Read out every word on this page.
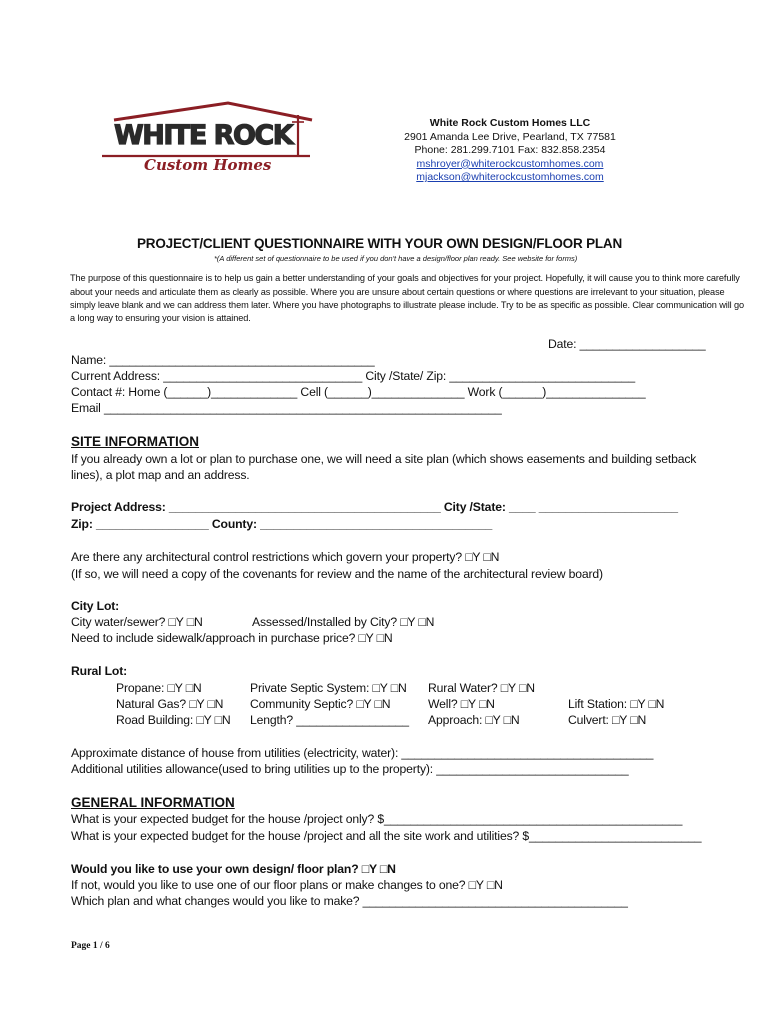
WHITE ROCK
Custom Homes
White Rock Custom Homes LLC
2901 Amanda Lee Drive, Pearland, TX 77581
Phone: 281.299.7101 Fax: 832.858.2354
mshroyer@whiterockcustomhomes.com
mjackson@whiterockcustomhomes.com
PROJECT/CLIENT QUESTIONNAIRE WITH YOUR OWN DESIGN/FLOOR PLAN
*(A different set of questionnaire to be used if you don't have a design/floor plan ready. See website for forms)
The purpose of this questionnaire is to help us gain a better understanding of your goals and objectives for your project. Hopefully, it will cause you to think more carefully
about your needs and articulate them as clearly as possible. Where you are unsure about certain questions or where questions are irrelevant to your situation, please
simply leave blank and we can address them later. Where you have photographs to illustrate please include. Try to be as specific as possible. Clear communication will go
a long way to ensuring your vision is attained.
Date: ___________________
Name: ________________________________________
Current Address: ______________________________ City /State/ Zip: ____________________________
Contact #: Home (______)_____________ Cell (______)______________ Work (______)_______________
Email ____________________________________________________________
SITE INFORMATION
If you already own a lot or plan to purchase one, we will need a site plan (which shows easements and building setback
lines), a plot map and an address.
Project Address: _________________________________________ City /State: ____ _____________________
Zip: _________________ County: ___________________________________
Are there any architectural control restrictions which govern your property? □Y □N
(If so, we will need a copy of the covenants for review and the name of the architectural review board)
City Lot:
City water/sewer? □Y □N	Assessed/Installed by City? □Y □N
Need to include sidewalk/approach in purchase price? □Y □N
Rural Lot:
Propane: □Y □N
Natural Gas? □Y □N
Road Building: □Y □N
Private Septic System: □Y □N
Community Septic? □Y □N
Length? _________________
Rural Water? □Y □N
Well? □Y □N
Approach: □Y □N
Lift Station: □Y □N
Culvert: □Y □N
Approximate distance of house from utilities (electricity, water): ______________________________________
Additional utilities allowance(used to bring utilities up to the property): _____________________________
GENERAL INFORMATION
What is your expected budget for the house /project only? $_____________________________________________
What is your expected budget for the house /project and all the site work and utilities? $__________________________
Would you like to use your own design/ floor plan? □Y □N
If not, would you like to use one of our floor plans or make changes to one? □Y □N
Which plan and what changes would you like to make? ________________________________________
Page 1 / 6
